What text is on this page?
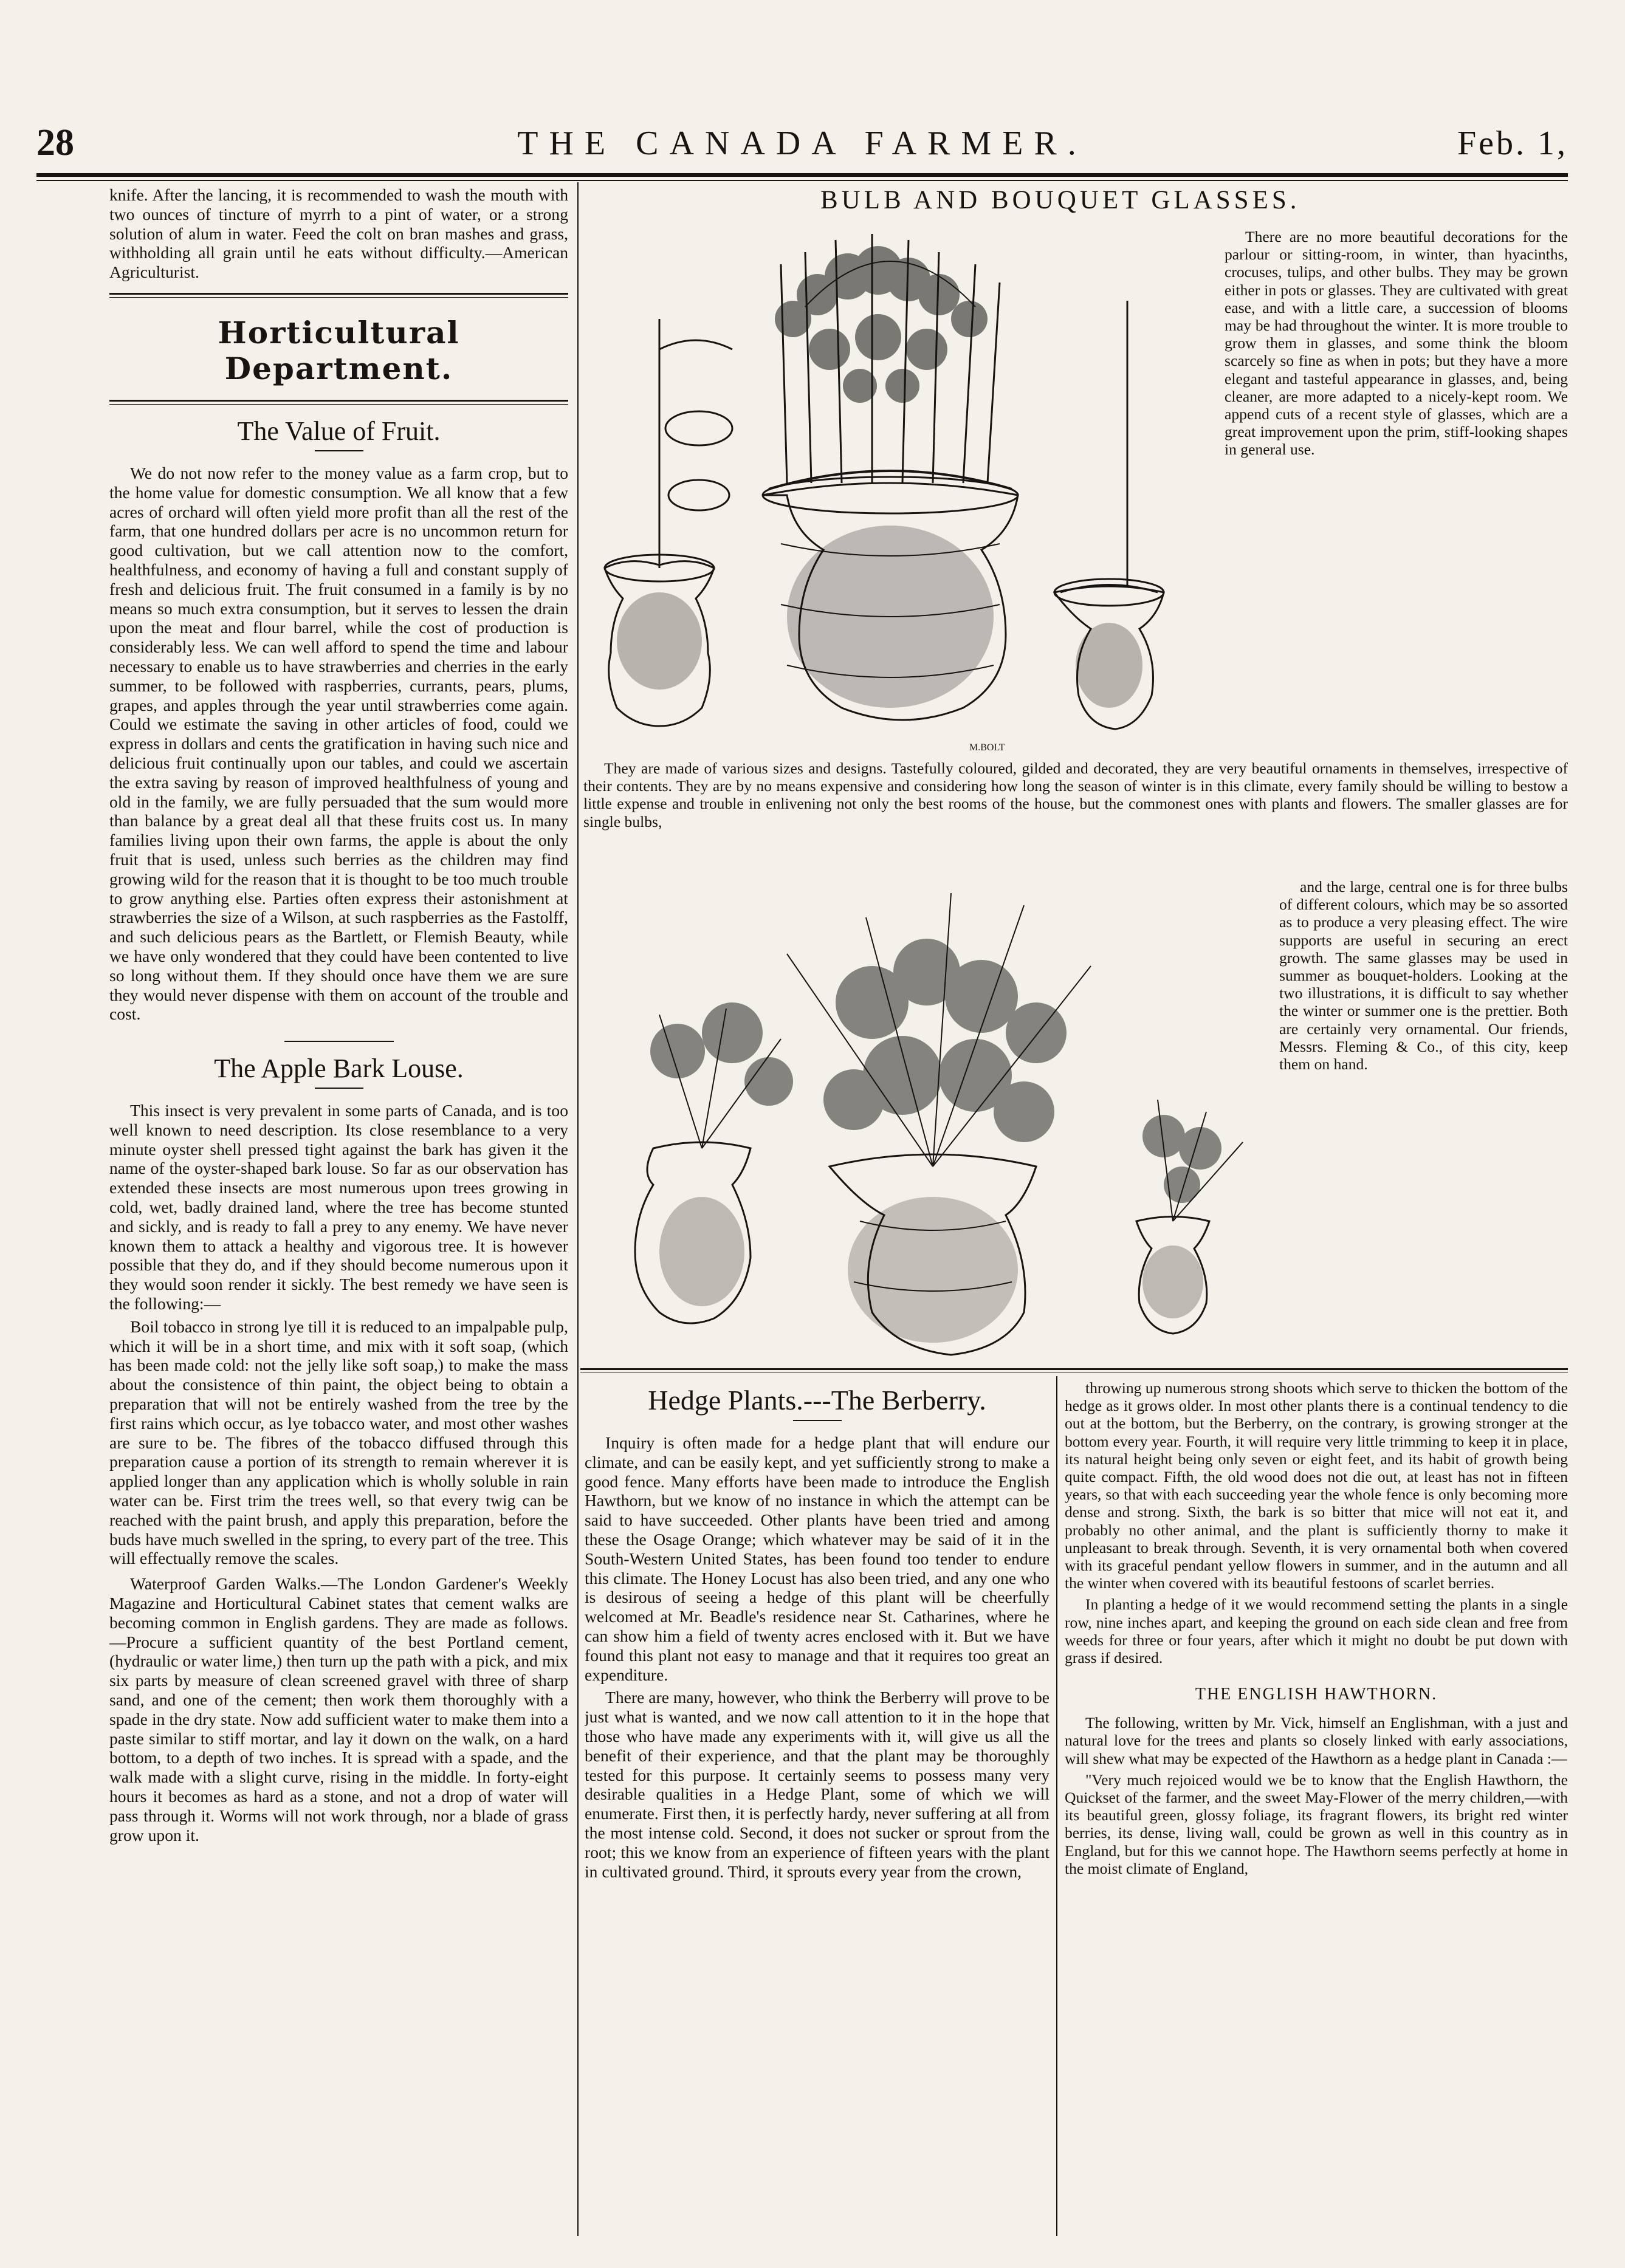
28	THE CANADA FARMER.	Feb. 1,

knife. After the lancing, it is recommended to wash the mouth with two ounces of tincture of myrrh to a pint of water, or a strong solution of alum in water. Feed the colt on bran mashes and grass, withholding all grain until he eats without difficulty.—American Agriculturist.

Horticultural Department.
The Value of Fruit.

We do not now refer to the money value as a farm crop, but to the home value for domestic consumption. We all know that a few acres of orchard will often yield more profit than all the rest of the farm, that one hundred dollars per acre is no uncommon return for good cultivation, but we call attention now to the comfort, healthfulness, and economy of having a full and constant supply of fresh and delicious fruit. The fruit consumed in a family is by no means so much extra consumption, but it serves to lessen the drain upon the meat and flour barrel, while the cost of production is considerably less. We can well afford to spend the time and labour necessary to enable us to have strawberries and cherries in the early summer, to be followed with raspberries, currants, pears, plums, grapes, and apples through the year until strawberries come again. Could we estimate the saving in other articles of food, could we express in dollars and cents the gratification in having such nice and delicious fruit continually upon our tables, and could we ascertain the extra saving by reason of improved healthfulness of young and old in the family, we are fully persuaded that the sum would more than balance by a great deal all that these fruits cost us. In many families living upon their own farms, the apple is about the only fruit that is used, unless such berries as the children may find growing wild for the reason that it is thought to be too much trouble to grow anything else. Parties often express their astonishment at strawberries the size of a Wilson, at such raspberries as the Fastolff, and such delicious pears as the Bartlett, or Flemish Beauty, while we have only wondered that they could have been contented to live so long without them. If they should once have them we are sure they would never dispense with them on account of the trouble and cost.

The Apple Bark Louse.

This insect is very prevalent in some parts of Canada, and is too well known to need description. Its close resemblance to a very minute oyster shell pressed tight against the bark has given it the name of the oyster-shaped bark louse. So far as our observation has extended these insects are most numerous upon trees growing in cold, wet, badly drained land, where the tree has become stunted and sickly, and is ready to fall a prey to any enemy. We have never known them to attack a healthy and vigorous tree. It is however possible that they do, and if they should become numerous upon it they would soon render it sickly. The best remedy we have seen is the following:—

Boil tobacco in strong lye till it is reduced to an impalpable pulp, which it will be in a short time, and mix with it soft soap, (which has been made cold: not the jelly like soft soap,) to make the mass about the consistence of thin paint, the object being to obtain a preparation that will not be entirely washed from the tree by the first rains which occur, as lye tobacco water, and most other washes are sure to be. The fibres of the tobacco diffused through this preparation cause a portion of its strength to remain wherever it is applied longer than any application which is wholly soluble in rain water can be. First trim the trees well, so that every twig can be reached with the paint brush, and apply this preparation, before the buds have much swelled in the spring, to every part of the tree. This will effectually remove the scales.

Waterproof Garden Walks.—The London Gardener's Weekly Magazine and Horticultural Cabinet states that cement walks are becoming common in English gardens. They are made as follows.—Procure a sufficient quantity of the best Portland cement, (hydraulic or water lime,) then turn up the path with a pick, and mix six parts by measure of clean screened gravel with three of sharp sand, and one of the cement; then work them thoroughly with a spade in the dry state. Now add sufficient water to make them into a paste similar to stiff mortar, and lay it down on the walk, on a hard bottom, to a depth of two inches. It is spread with a spade, and the walk made with a slight curve, rising in the middle. In forty-eight hours it becomes as hard as a stone, and not a drop of water will pass through it. Worms will not work through, nor a blade of grass grow upon it.

BULB AND BOUQUET GLASSES.
M.BOLT

There are no more beautiful decorations for the parlour or sitting-room, in winter, than hyacinths, crocuses, tulips, and other bulbs. They may be grown either in pots or glasses. They are cultivated with great ease, and with a little care, a succession of blooms may be had throughout the winter. It is more trouble to grow them in glasses, and some think the bloom scarcely so fine as when in pots; but they have a more elegant and tasteful appearance in glasses, and, being cleaner, are more adapted to a nicely-kept room. We append cuts of a recent style of glasses, which are a great improvement upon the prim, stiff-looking shapes in general use.

They are made of various sizes and designs. Tastefully coloured, gilded and decorated, they are very beautiful ornaments in themselves, irrespective of their contents. They are by no means expensive and considering how long the season of winter is in this climate, every family should be willing to bestow a little expense and trouble in enlivening not only the best rooms of the house, but the commonest ones with plants and flowers. The smaller glasses are for single bulbs,

and the large, central one is for three bulbs of different colours, which may be so assorted as to produce a very pleasing effect. The wire supports are useful in securing an erect growth. The same glasses may be used in summer as bouquet-holders. Looking at the two illustrations, it is difficult to say whether the winter or summer one is the prettier. Both are certainly very ornamental. Our friends, Messrs. Fleming & Co., of this city, keep them on hand.

Hedge Plants.---The Berberry.

Inquiry is often made for a hedge plant that will endure our climate, and can be easily kept, and yet sufficiently strong to make a good fence. Many efforts have been made to introduce the English Hawthorn, but we know of no instance in which the attempt can be said to have succeeded. Other plants have been tried and among these the Osage Orange; which whatever may be said of it in the South-Western United States, has been found too tender to endure this climate. The Honey Locust has also been tried, and any one who is desirous of seeing a hedge of this plant will be cheerfully welcomed at Mr. Beadle's residence near St. Catharines, where he can show him a field of twenty acres enclosed with it. But we have found this plant not easy to manage and that it requires too great an expenditure.

There are many, however, who think the Berberry will prove to be just what is wanted, and we now call attention to it in the hope that those who have made any experiments with it, will give us all the benefit of their experience, and that the plant may be thoroughly tested for this purpose. It certainly seems to possess many very desirable qualities in a Hedge Plant, some of which we will enumerate. First then, it is perfectly hardy, never suffering at all from the most intense cold. Second, it does not sucker or sprout from the root; this we know from an experience of fifteen years with the plant in cultivated ground. Third, it sprouts every year from the crown,

throwing up numerous strong shoots which serve to thicken the bottom of the hedge as it grows older. In most other plants there is a continual tendency to die out at the bottom, but the Berberry, on the contrary, is growing stronger at the bottom every year. Fourth, it will require very little trimming to keep it in place, its natural height being only seven or eight feet, and its habit of growth being quite compact. Fifth, the old wood does not die out, at least has not in fifteen years, so that with each succeeding year the whole fence is only becoming more dense and strong. Sixth, the bark is so bitter that mice will not eat it, and probably no other animal, and the plant is sufficiently thorny to make it unpleasant to break through. Seventh, it is very ornamental both when covered with its graceful pendant yellow flowers in summer, and in the autumn and all the winter when covered with its beautiful festoons of scarlet berries.

In planting a hedge of it we would recommend setting the plants in a single row, nine inches apart, and keeping the ground on each side clean and free from weeds for three or four years, after which it might no doubt be put down with grass if desired.

THE ENGLISH HAWTHORN.

The following, written by Mr. Vick, himself an Englishman, with a just and natural love for the trees and plants so closely linked with early associations, will shew what may be expected of the Hawthorn as a hedge plant in Canada :—

"Very much rejoiced would we be to know that the English Hawthorn, the Quickset of the farmer, and the sweet May-Flower of the merry children,—with its beautiful green, glossy foliage, its fragrant flowers, its bright red winter berries, its dense, living wall, could be grown as well in this country as in England, but for this we cannot hope. The Hawthorn seems perfectly at home in the moist climate of England,
